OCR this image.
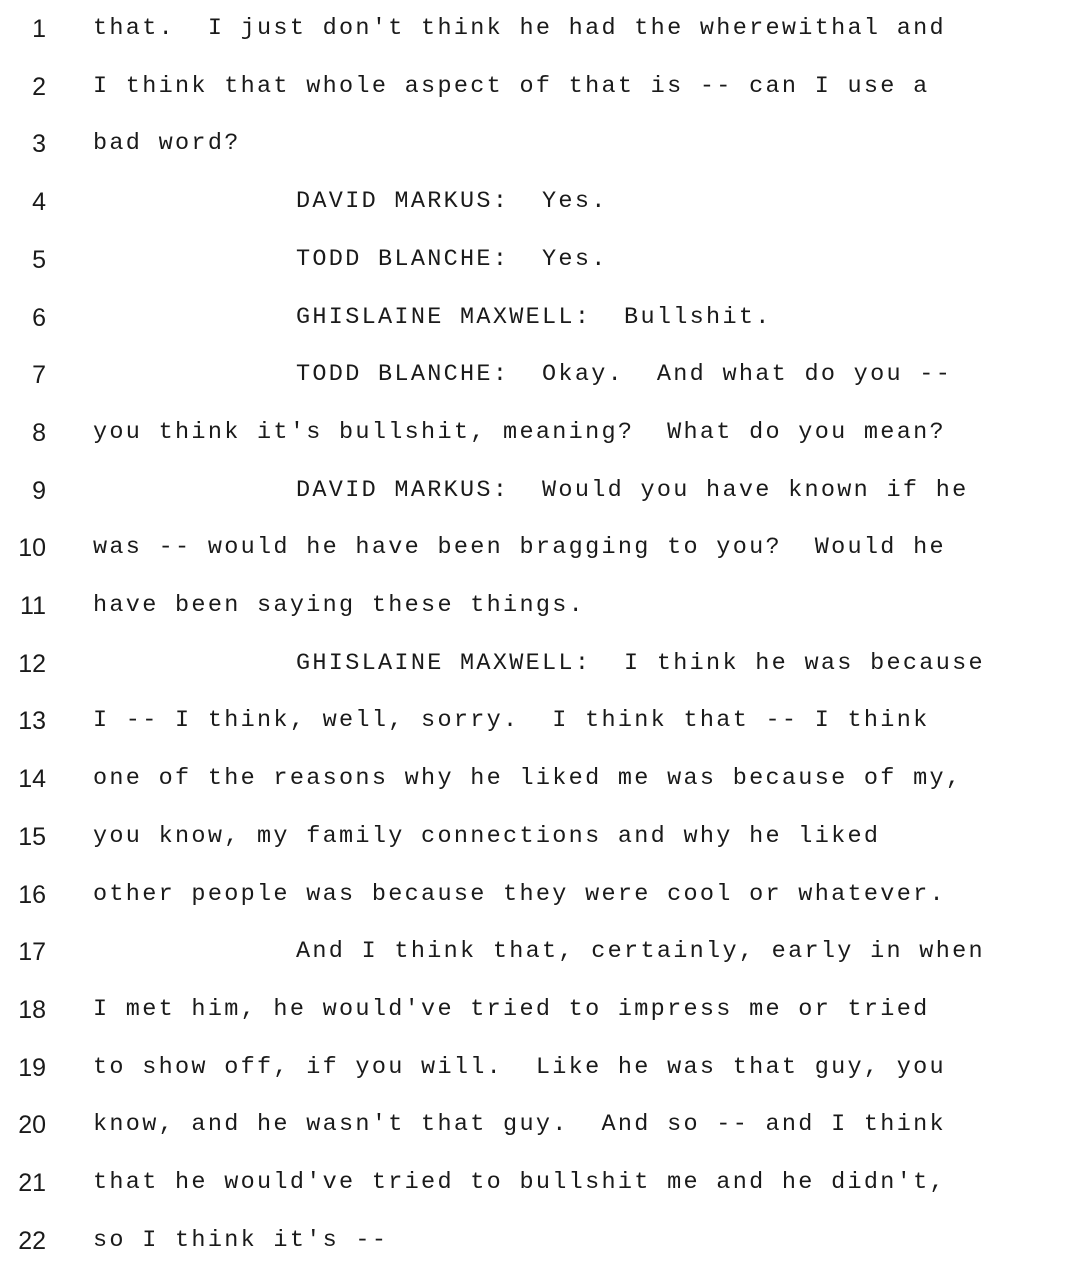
1 that.  I just don't think he had the wherewithal and
2 I think that whole aspect of that is -- can I use a
3 bad word?
4	DAVID MARKUS:  Yes.
5	TODD BLANCHE:  Yes.
6	GHISLAINE MAXWELL:  Bullshit.
7	TODD BLANCHE:  Okay.  And what do you --
8 you think it's bullshit, meaning?  What do you mean?
9	DAVID MARKUS:  Would you have known if he
10 was -- would he have been bragging to you?  Would he
11 have been saying these things.
12	GHISLAINE MAXWELL:  I think he was because
13 I -- I think, well, sorry.  I think that -- I think
14 one of the reasons why he liked me was because of my,
15 you know, my family connections and why he liked
16 other people was because they were cool or whatever.
17	And I think that, certainly, early in when
18 I met him, he would've tried to impress me or tried
19 to show off, if you will.  Like he was that guy, you
20 know, and he wasn't that guy.  And so -- and I think
21 that he would've tried to bullshit me and he didn't,
22 so I think it's --
